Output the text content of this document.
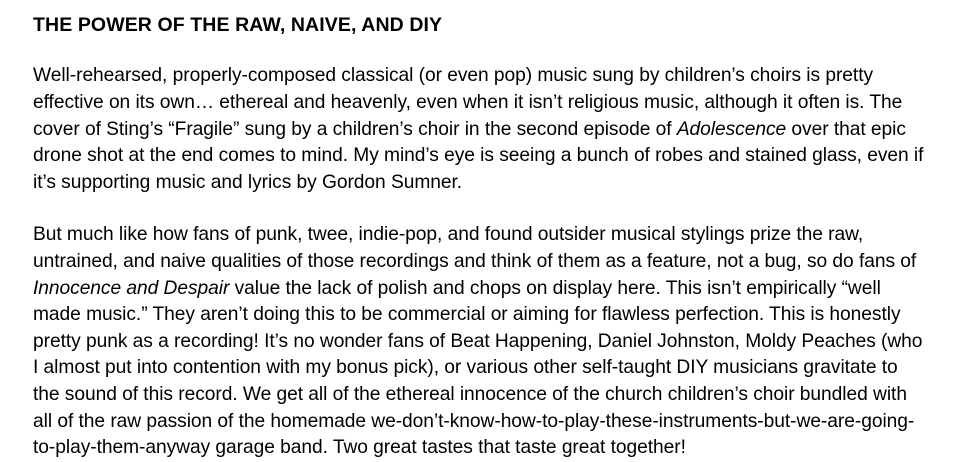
THE POWER OF THE RAW, NAIVE, AND DIY

Well-rehearsed, properly-composed classical (or even pop) music sung by children’s choirs is pretty effective on its own… ethereal and heavenly, even when it isn’t religious music, although it often is. The cover of Sting’s “Fragile” sung by a children’s choir in the second episode of Adolescence over that epic drone shot at the end comes to mind. My mind’s eye is seeing a bunch of robes and stained glass, even if it’s supporting music and lyrics by Gordon Sumner.

But much like how fans of punk, twee, indie-pop, and found outsider musical stylings prize the raw, untrained, and naive qualities of those recordings and think of them as a feature, not a bug, so do fans of Innocence and Despair value the lack of polish and chops on display here. This isn’t empirically “well made music.” They aren’t doing this to be commercial or aiming for flawless perfection. This is honestly pretty punk as a recording! It’s no wonder fans of Beat Happening, Daniel Johnston, Moldy Peaches (who I almost put into contention with my bonus pick), or various other self-taught DIY musicians gravitate to the sound of this record. We get all of the ethereal innocence of the church children’s choir bundled with all of the raw passion of the homemade we-don’t-know-how-to-play-these-instruments-but-we-are-going-to-play-them-anyway garage band. Two great tastes that taste great together!
